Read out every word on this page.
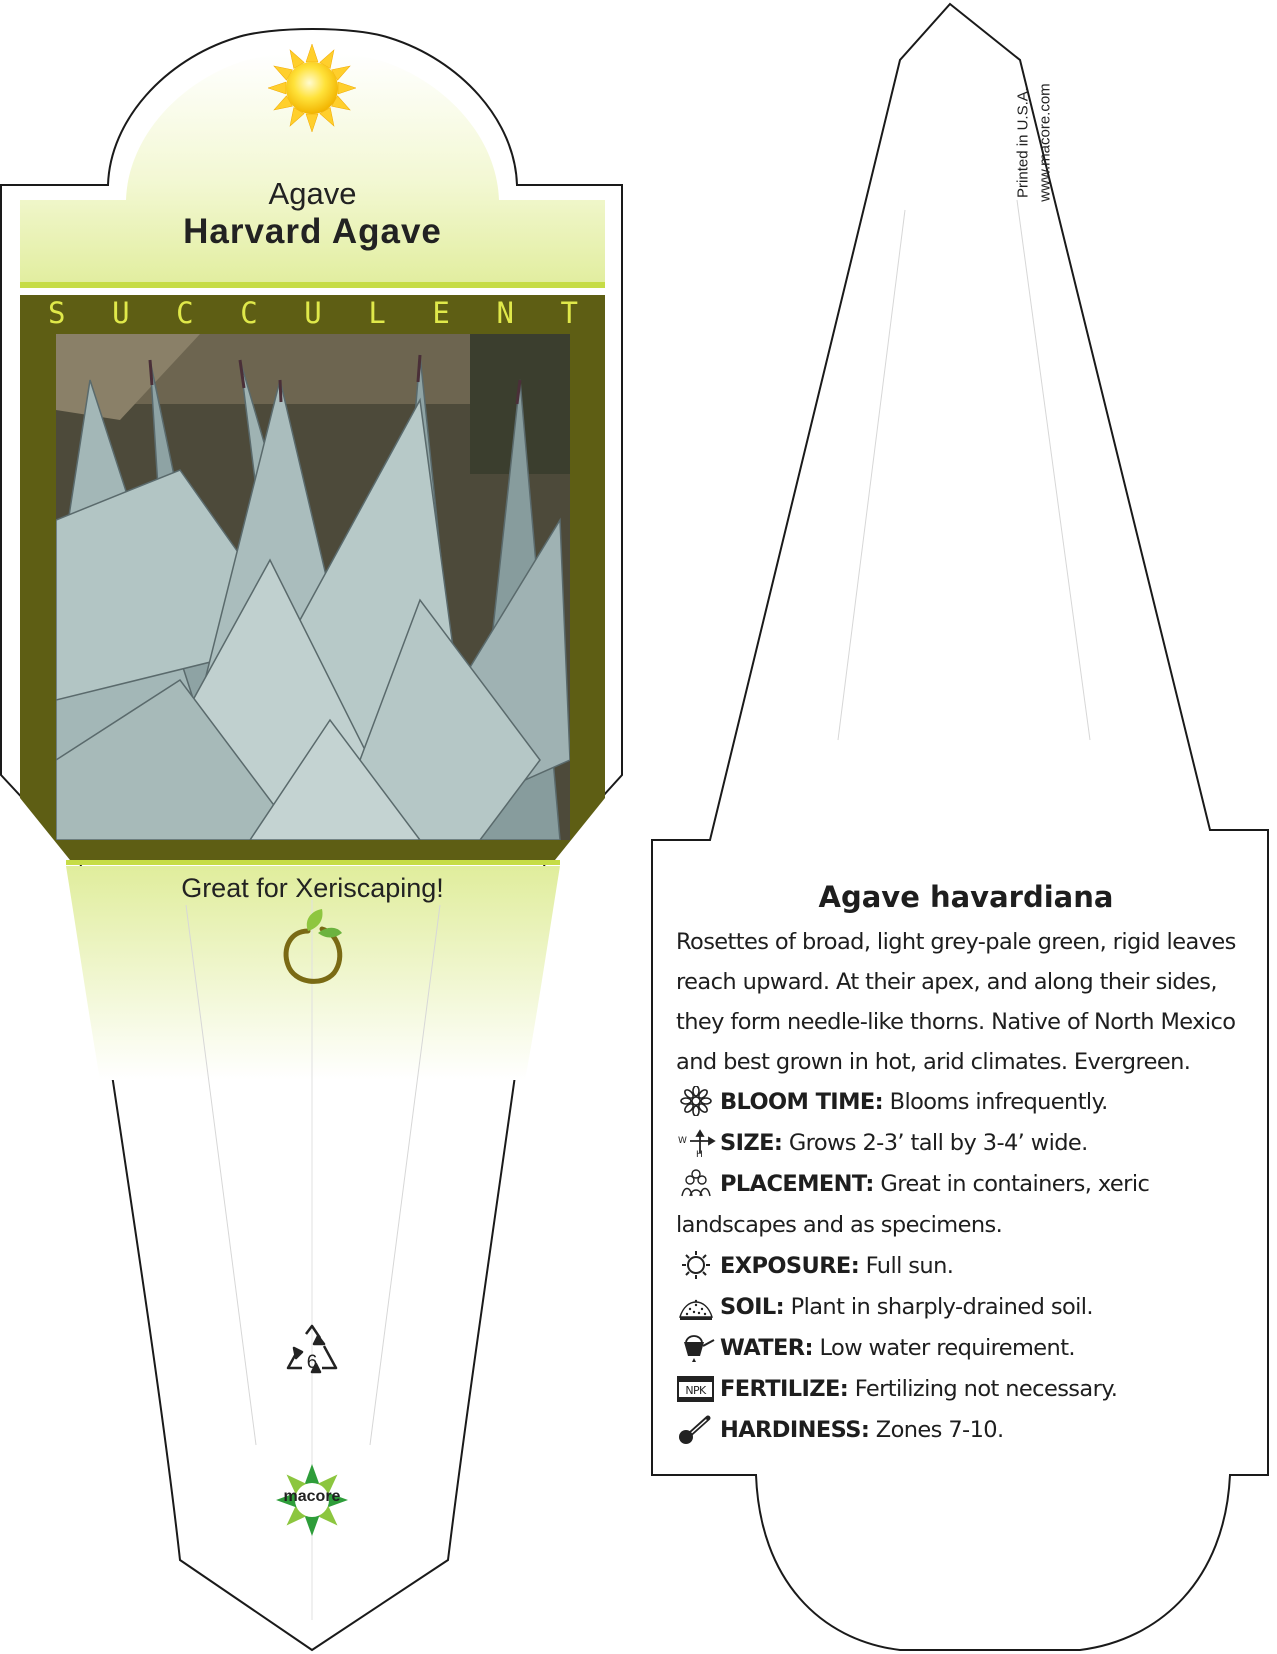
Agave
Harvard Agave
S U C C U L E N T
Great for Xeriscaping!
6
macore
Printed in U.S.A. www.macore.com

Agave havardiana

Rosettes of broad, light grey-pale green, rigid leaves reach upward. At their apex, and along their sides, they form needle-like thorns. Native of North Mexico and best grown in hot, arid climates. Evergreen.

BLOOM TIME: Blooms infrequently.

W
H SIZE: Grows 2-3’ tall by 3-4’ wide.

PLACEMENT: Great in containers, xeric landscapes and as specimens.

EXPOSURE: Full sun.

SOIL: Plant in sharply-drained soil.

WATER: Low water requirement.

NPK FERTILIZE: Fertilizing not necessary.

HARDINESS: Zones 7-10.
